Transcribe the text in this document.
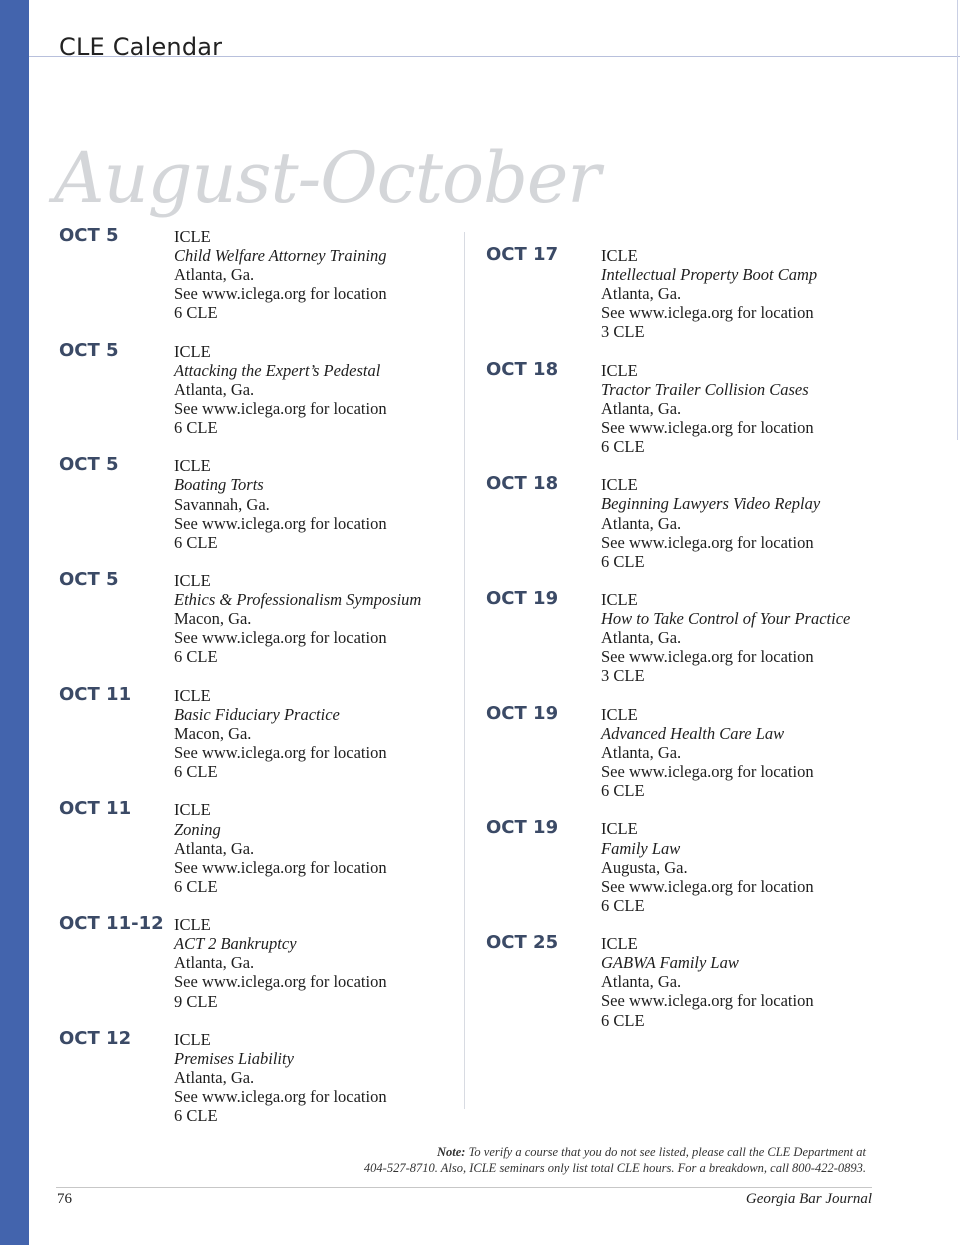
CLE Calendar
August-October
OCT 5	ICLE
Child Welfare Attorney Training
Atlanta, Ga.
See www.iclega.org for location
6 CLE
OCT 5	ICLE
Attacking the Expert’s Pedestal
Atlanta, Ga.
See www.iclega.org for location
6 CLE
OCT 5	ICLE
Boating Torts
Savannah, Ga.
See www.iclega.org for location
6 CLE
OCT 5	ICLE
Ethics & Professionalism Symposium
Macon, Ga.
See www.iclega.org for location
6 CLE
OCT 11	ICLE
Basic Fiduciary Practice
Macon, Ga.
See www.iclega.org for location
6 CLE
OCT 11	ICLE
Zoning
Atlanta, Ga.
See www.iclega.org for location
6 CLE
OCT 11-12 ICLE
ACT 2 Bankruptcy
Atlanta, Ga.
See www.iclega.org for location
9 CLE
OCT 12	ICLE
Premises Liability
Atlanta, Ga.
See www.iclega.org for location
6 CLE
OCT 17	ICLE
Intellectual Property Boot Camp
Atlanta, Ga.
See www.iclega.org for location
3 CLE
OCT 18	ICLE
Tractor Trailer Collision Cases
Atlanta, Ga.
See www.iclega.org for location
6 CLE
OCT 18	ICLE
Beginning Lawyers Video Replay
Atlanta, Ga.
See www.iclega.org for location
6 CLE
OCT 19	ICLE
How to Take Control of Your Practice
Atlanta, Ga.
See www.iclega.org for location
3 CLE
OCT 19	ICLE
Advanced Health Care Law
Atlanta, Ga.
See www.iclega.org for location
6 CLE
OCT 19	ICLE
Family Law
Augusta, Ga.
See www.iclega.org for location
6 CLE
OCT 25	ICLE
GABWA Family Law
Atlanta, Ga.
See www.iclega.org for location
6 CLE
Note: To verify a course that you do not see listed, please call the CLE Department at
404-527-8710. Also, ICLE seminars only list total CLE hours. For a breakdown, call 800-422-0893.
76	Georgia Bar Journal
